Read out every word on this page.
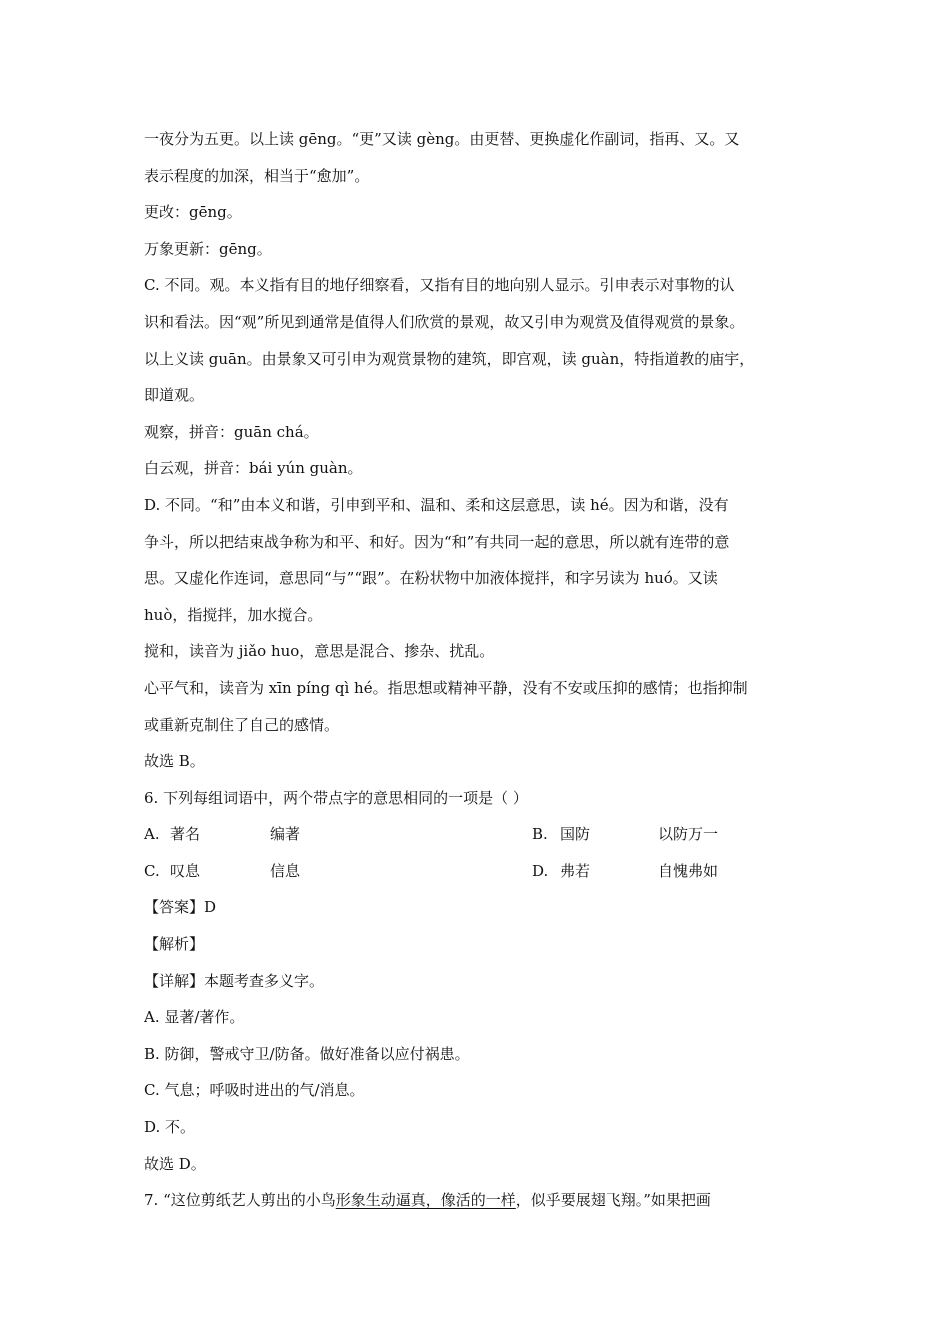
一夜分为五更。以上读 gēng。“更”又读 gèng。由更替、更换虚化作副词，指再、又。又
表示程度的加深，相当于“愈加”。
更改：gēng。
万象更新：gēng。
C. 不同。观。本义指有目的地仔细察看，又指有目的地向别人显示。引申表示对事物的认
识和看法。因“观”所见到通常是值得人们欣赏的景观，故又引申为观赏及值得观赏的景象。
以上义读 guān。由景象又可引申为观赏景物的建筑，即宫观，读 guàn，特指道教的庙宇，
即道观。
观察，拼音：guān chá。
白云观，拼音：bái yún guàn。
D. 不同。“和”由本义和谐，引申到平和、温和、柔和这层意思，读 hé。因为和谐，没有
争斗，所以把结束战争称为和平、和好。因为“和”有共同一起的意思，所以就有连带的意
思。又虚化作连词，意思同“与”“跟”。在粉状物中加液体搅拌，和字另读为 huó。又读
huò，指搅拌，加水搅合。
搅和，读音为 jiǎo huo，意思是混合、掺杂、扰乱。
心平气和，读音为 xīn píng qì hé。指思想或精神平静，没有不安或压抑的感情；也指抑制
或重新克制住了自己的感情。
故选 B。
6. 下列每组词语中，两个带点字的意思相同的一项是（ ）
A. 著名	编著	B. 国防	以防万一
C. 叹息	信息	D. 弗若	自愧弗如
【答案】D
【解析】
【详解】本题考查多义字。
A. 显著/著作。
B. 防御，警戒守卫/防备。做好准备以应付祸患。
C. 气息；呼吸时进出的气/消息。
D. 不。
故选 D。
7. “这位剪纸艺人剪出的小鸟形象生动逼真，像活的一样，似乎要展翅飞翔。”如果把画
